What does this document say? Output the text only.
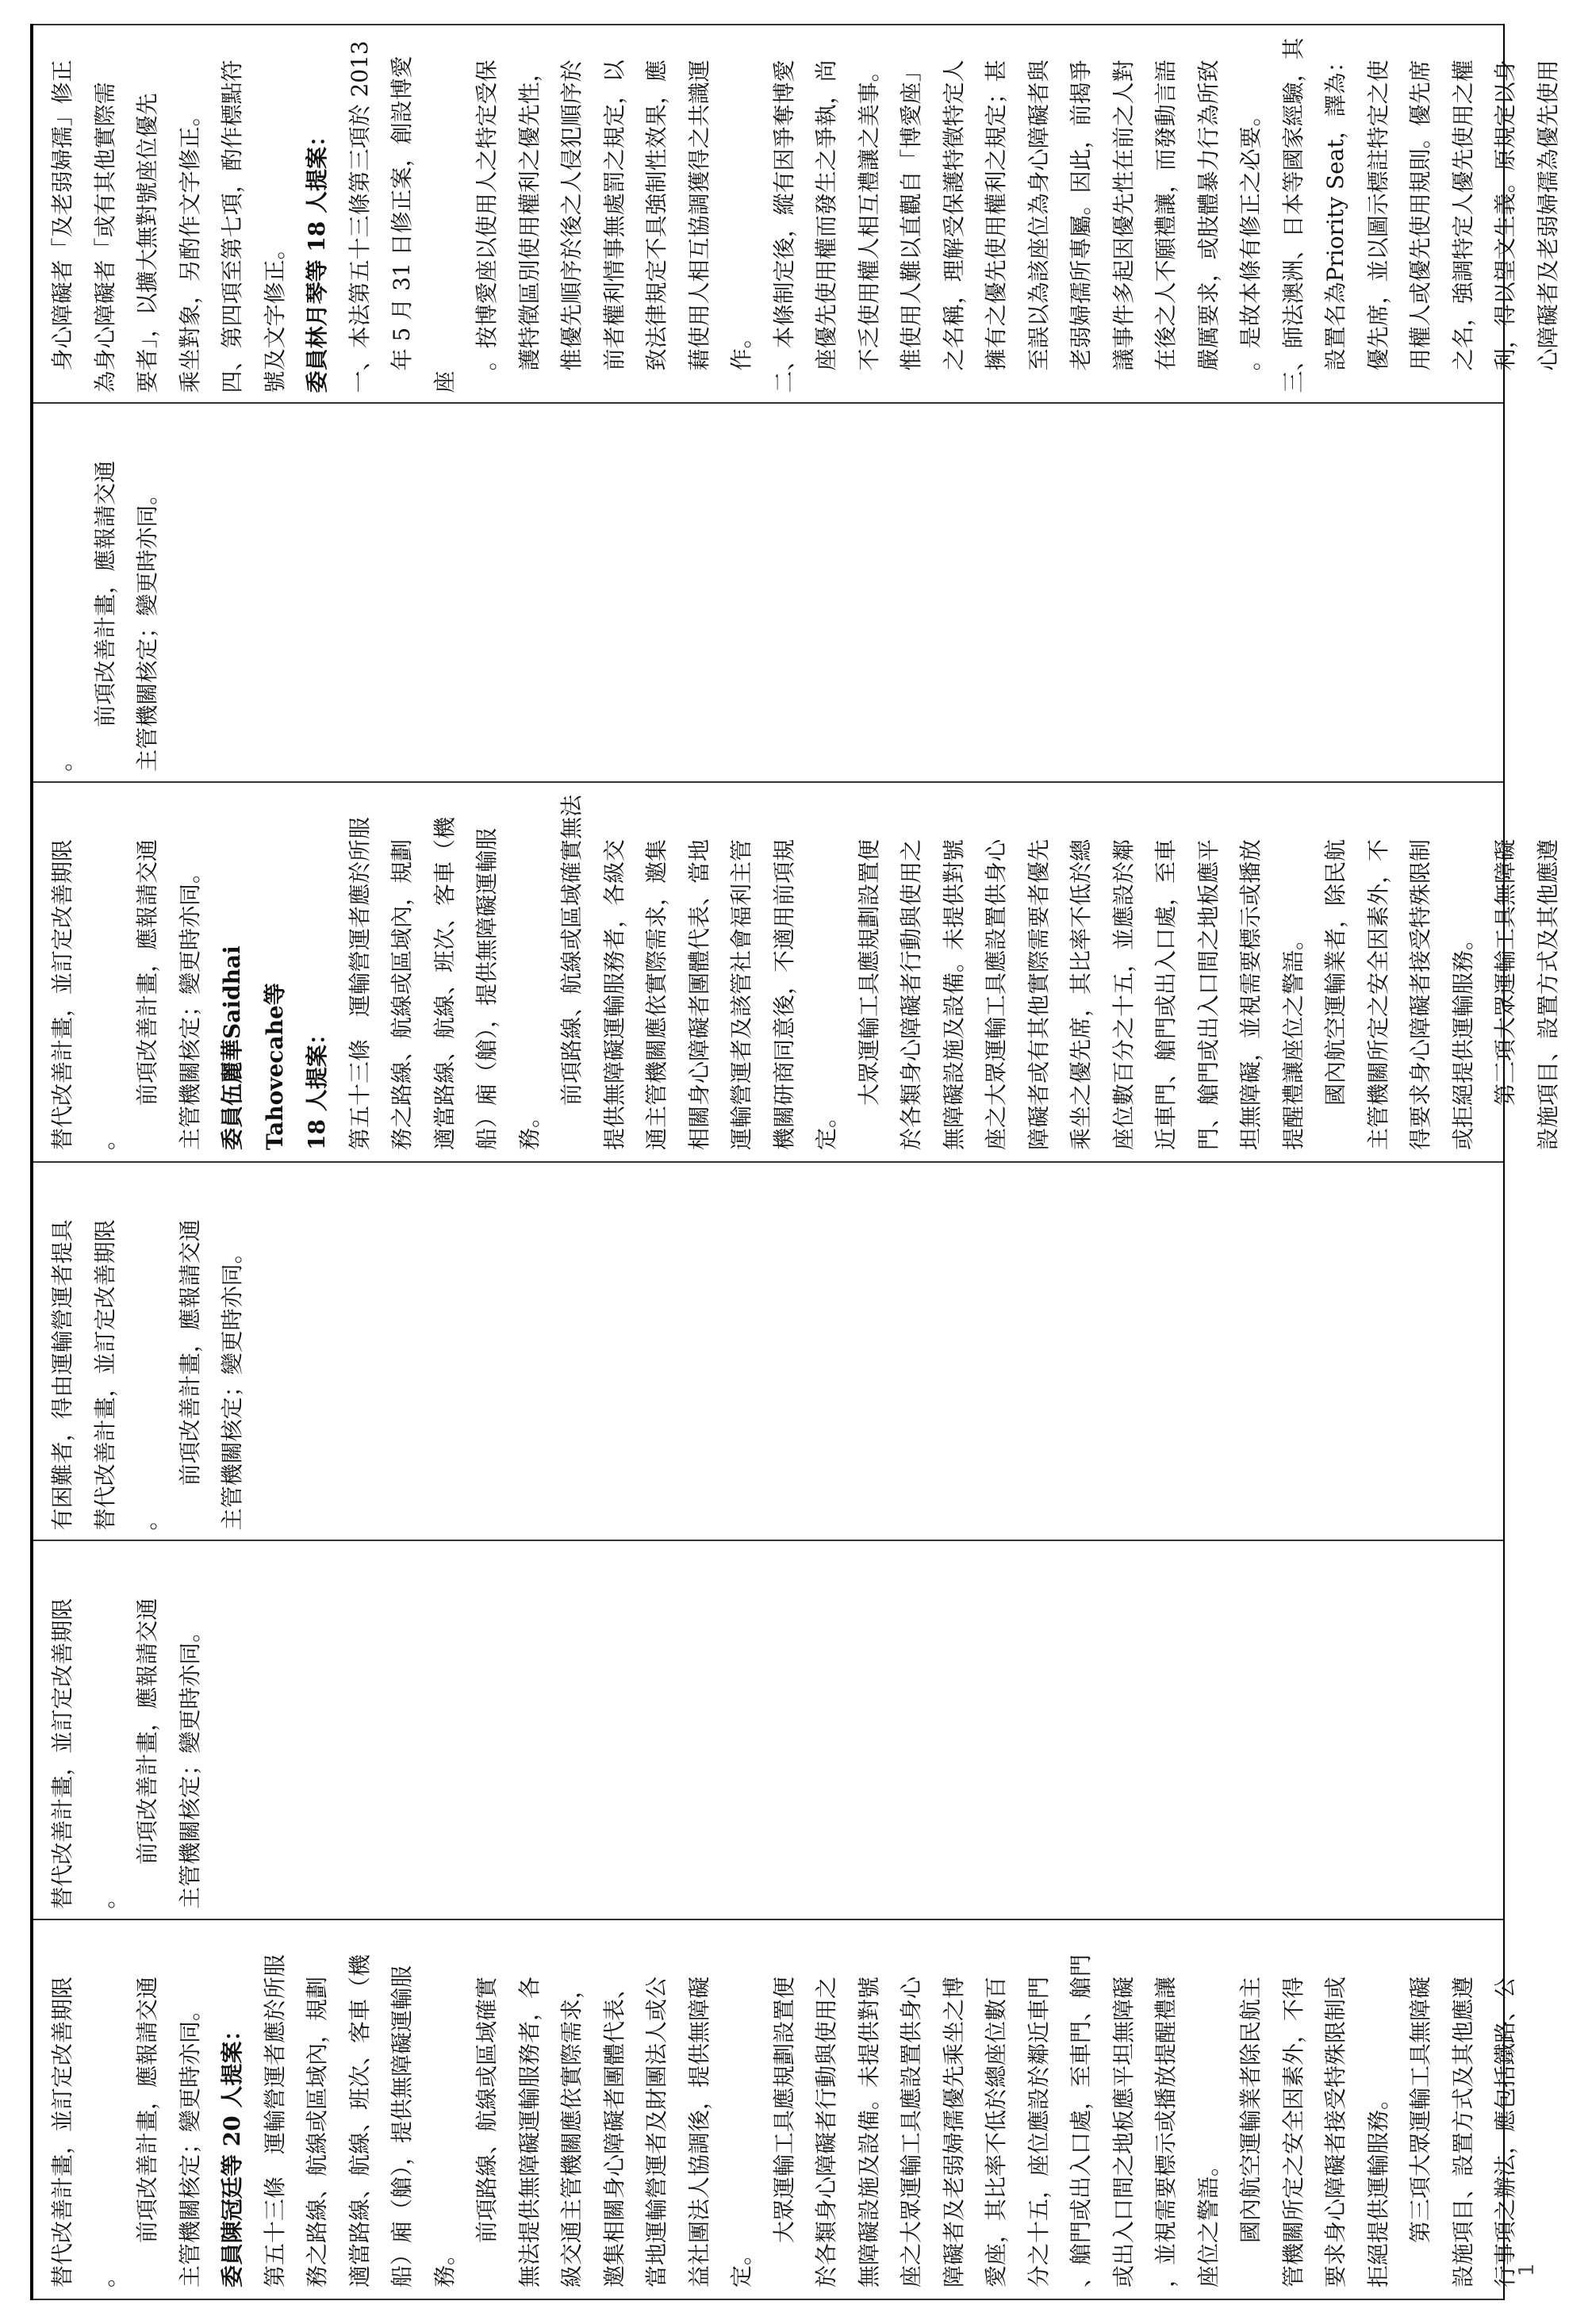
1

替代改善計畫，並訂定改善期限 。 　　前項改善計畫，應報請交通 主管機關核定；變更時亦同。 委員陳冠廷等 20 人提案： 第五十三條　運輸營運者應於所服 務之路線、航線或區域內，規劃 適當路線、航線、班次、客車（機 船）廂（艙），提供無障礙運輸服 務。 　　前項路線、航線或區域確實 無法提供無障礙運輸服務者，各 級交通主管機關應依實際需求， 邀集相關身心障礙者團體代表、 當地運輸營運者及財團法人或公 益社團法人協調後，提供無障礙 定。 　　大眾運輸工具應規劃設置便 於各類身心障礙者行動與使用之 無障礙設施及設備。未提供對號 座之大眾運輸工具應設置供身心 障礙者及老弱婦孺優先乘坐之博 愛座，其比率不低於總座位數百 分之十五，座位應設於鄰近車門 、艙門或出入口處，至車門、艙門 或出入口間之地板應平坦無障礙 ，並視需要標示或播放提醒禮讓 座位之警語。 　　國內航空運輸業者除民航主 管機關所定之安全因素外，不得 要求身心障礙者接受特殊限制或 拒絕提供運輸服務。 　　第三項大眾運輸工具無障礙 設施項目、設置方式及其他應遵 行事項之辦法，應包括鐵路、公

替代改善計畫，並訂定改善期限 。 　　前項改善計畫，應報請交通 主管機關核定；變更時亦同。

有困難者，得由運輸營運者提具 替代改善計畫，並訂定改善期限 。 　　前項改善計畫，應報請交通 主管機關核定；變更時亦同。

替代改善計畫，並訂定改善期限 。 　　前項改善計畫，應報請交通 主管機關核定；變更時亦同。 委員伍麗華Saidhai Tahovecahe等 18 人提案： 第五十三條　運輸營運者應於所服 務之路線、航線或區域內，規劃 適當路線、航線、班次、客車（機 船）廂（艙），提供無障礙運輸服 務。 　　前項路線、航線或區域確實無法 提供無障礙運輸服務者，各級交 通主管機關應依實際需求，邀集 相關身心障礙者團體代表、當地 運輸營運者及該管社會福利主管 機關研商同意後，不適用前項規 定。 　　大眾運輸工具應規劃設置便 於各類身心障礙者行動與使用之 無障礙設施及設備。未提供對號 座之大眾運輸工具應設置供身心 障礙者或有其他實際需要者優先 乘坐之優先席，其比率不低於總 座位數百分之十五，並應設於鄰 近車門、艙門或出入口處，至車 門、艙門或出入口間之地板應平 坦無障礙，並視需要標示或播放 提醒禮讓座位之警語。 　　國內航空運輸業者，除民航 主管機關所定之安全因素外，不 得要求身心障礙者接受特殊限制 或拒絕提供運輸服務。 　　第三項大眾運輸工具無障礙 設施項目、設置方式及其他應遵

。 　　前項改善計畫，應報請交通 主管機關核定；變更時亦同。

　身心障礙者「及老弱婦孺」修正 為身心障礙者「或有其他實際需 要者」，以擴大無對號座位優先 乘坐對象，另酌作文字修正。 四、第四項至第七項，酌作標點符 號及文字修正。 委員林月琴等 18 人提案： 一、本法第五十三條第三項於 2013 　年 5 月 31 日修正案，創設博愛座 　。按博愛座以使用人之特定受保 　護特徵區別使用權利之優先性， 　惟優先順序於後之人侵犯順序於 　前者權利情事無處罰之規定，以 　致法律規定不具強制性效果，應 　藉使用人相互協調獲得之共識運 　作。 二、本條制定後，縱有因爭奪博愛 　座優先使用權而發生之爭執，尚 　不乏使用權人相互禮讓之美事。 　惟使用人難以直觀自「博愛座」 　之名稱，理解受保護特徵特定人 　擁有之優先使用權利之規定；甚 　至誤以為該座位為身心障礙者與 　老弱婦孺所專屬。因此，前揭爭 　議事件多起因優先性在前之人對 　在後之人不願禮讓，而發動言語 　嚴厲要求，或肢體暴力行為所致 　。是故本條有修正之必要。 三、師法澳洲、日本等國家經驗，其 　設置名為Priority Seat，譯為： 　優先席，並以圖示標註特定之使 　用權人或優先使用規則。優先席 　之名，強調特定人優先使用之權 　利，得以望文生義。原規定以身 　心障礙者及老弱婦孺為優先使用
